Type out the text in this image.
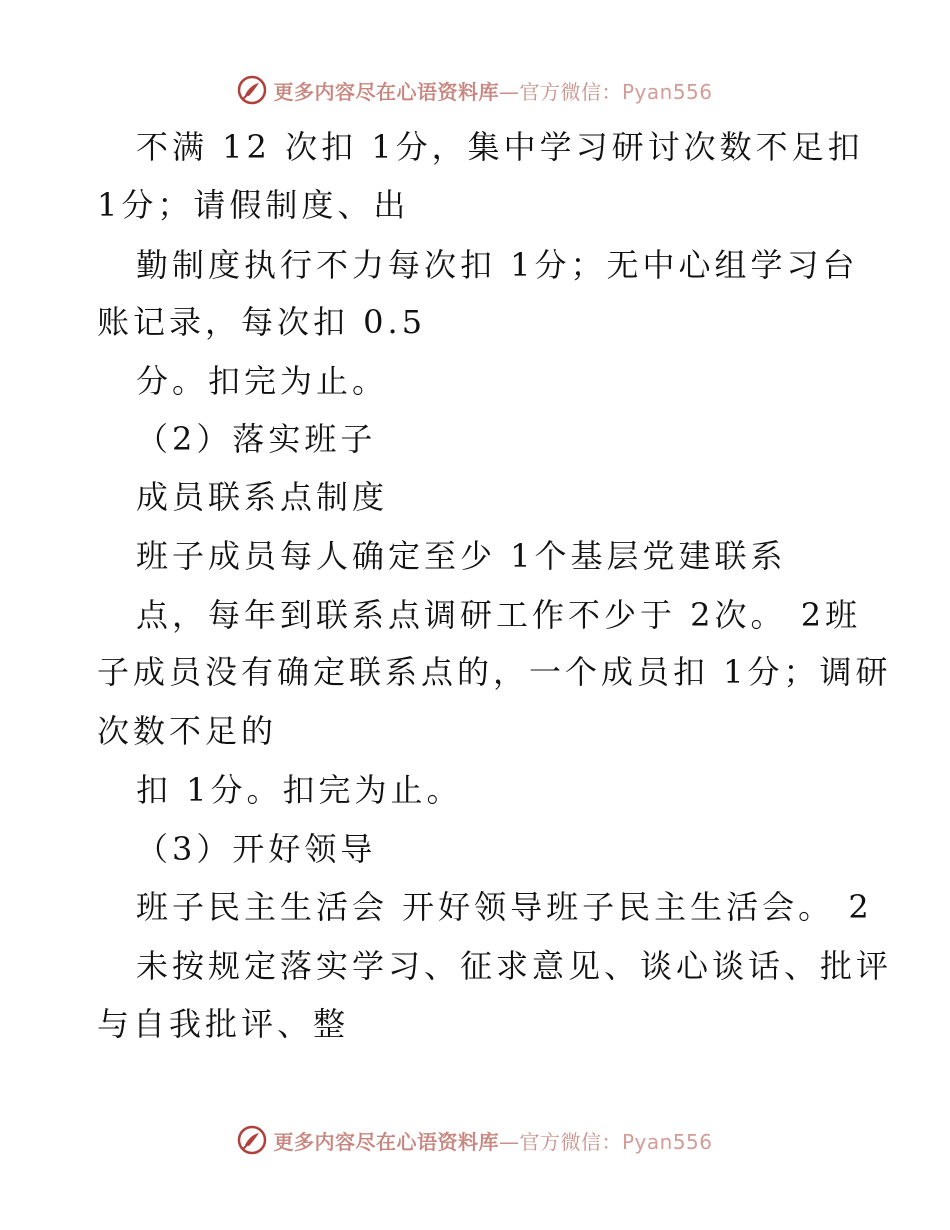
更多内容尽在心语资料库—官方微信：Pyan556
不满 12 次扣 1分，集中学习研讨次数不足扣
1分；请假制度、出
勤制度执行不力每次扣 1分；无中心组学习台
账记录，每次扣 0.5
分。扣完为止。
（2）落实班子
成员联系点制度
班子成员每人确定至少 1个基层党建联系
点，每年到联系点调研工作不少于 2次。 2班
子成员没有确定联系点的，一个成员扣 1分；调研
次数不足的
扣 1分。扣完为止。
（3）开好领导
班子民主生活会 开好领导班子民主生活会。 2
未按规定落实学习、征求意见、谈心谈话、批评
与自我批评、整
更多内容尽在心语资料库—官方微信：Pyan556
